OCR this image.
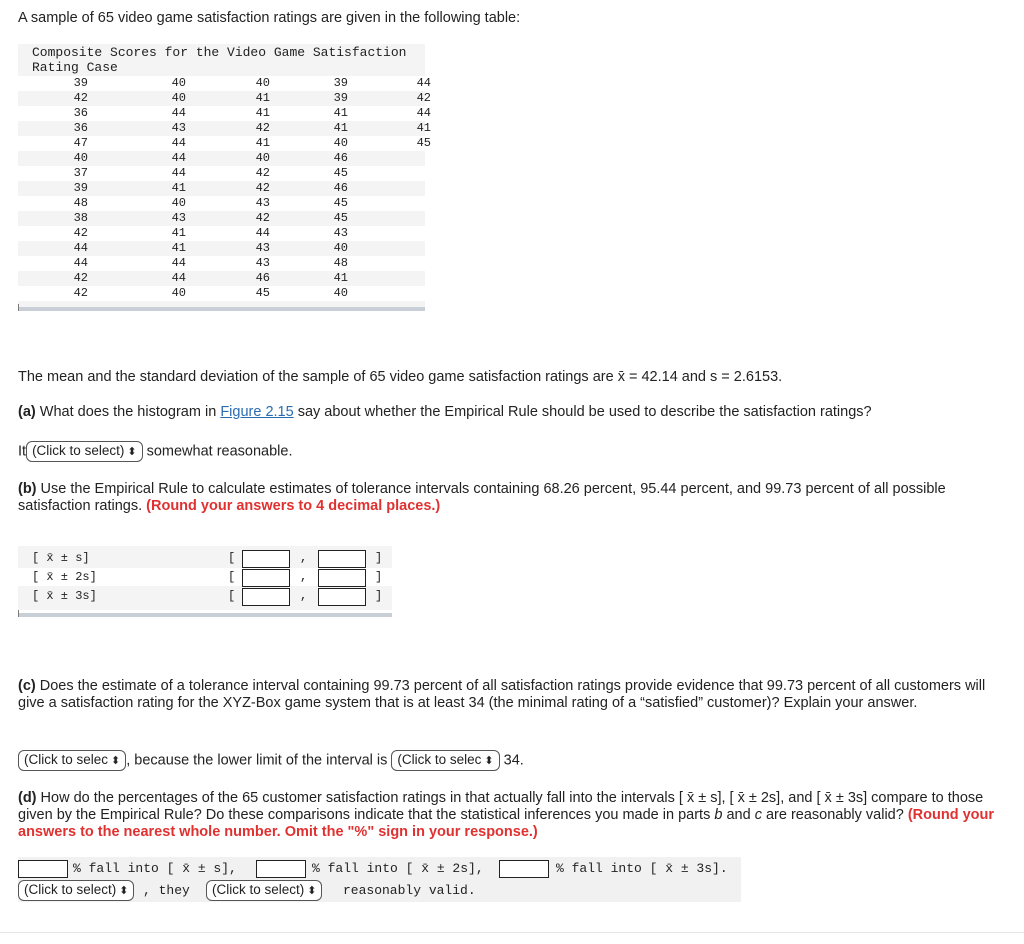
A sample of 65 video game satisfaction ratings are given in the following table:
Composite Scores for the Video Game Satisfaction
Rating Case
39	40	40	39	44
42	40	41	39	42
36	44	41	41	44
36	43	42	41	41
47	44	41	40	45
40	44	40	46
37	44	42	45
39	41	42	46
48	40	43	45
38	43	42	45
42	41	44	43
44	41	43	40
44	44	43	48
42	44	46	41
42	40	45	40
The mean and the standard deviation of the sample of 65 video game satisfaction ratings are x̄ = 42.14 and s = 2.6153.
(a) What does the histogram in Figure 2.15 say about whether the Empirical Rule should be used to describe the satisfaction ratings?
It (Click to select) ⬍ somewhat reasonable.
(b) Use the Empirical Rule to calculate estimates of tolerance intervals containing 68.26 percent, 95.44 percent, and 99.73 percent of all possible satisfaction ratings. (Round your answers to 4 decimal places.)
[ x̄ ± s]	[	,	]
[ x̄ ± 2s]	[	,	]
[ x̄ ± 3s]	[	,	]
(c) Does the estimate of a tolerance interval containing 99.73 percent of all satisfaction ratings provide evidence that 99.73 percent of all customers will give a satisfaction rating for the XYZ-Box game system that is at least 34 (the minimal rating of a “satisfied” customer)? Explain your answer.
(Click to selec ⬍ , because the lower limit of the interval is (Click to selec ⬍ 34.
(d) How do the percentages of the 65 customer satisfaction ratings in that actually fall into the intervals [ x̄ ± s], [ x̄ ± 2s], and [ x̄ ± 3s] compare to those given by the Empirical Rule? Do these comparisons indicate that the statistical inferences you made in parts b and c are reasonably valid? (Round your answers to the nearest whole number. Omit the "%" sign in your response.)
% fall into [ x̄ ± s],	% fall into [ x̄ ± 2s],	% fall into [ x̄ ± 3s].
(Click to select) ⬍	, they	(Click to select) ⬍	reasonably valid.
